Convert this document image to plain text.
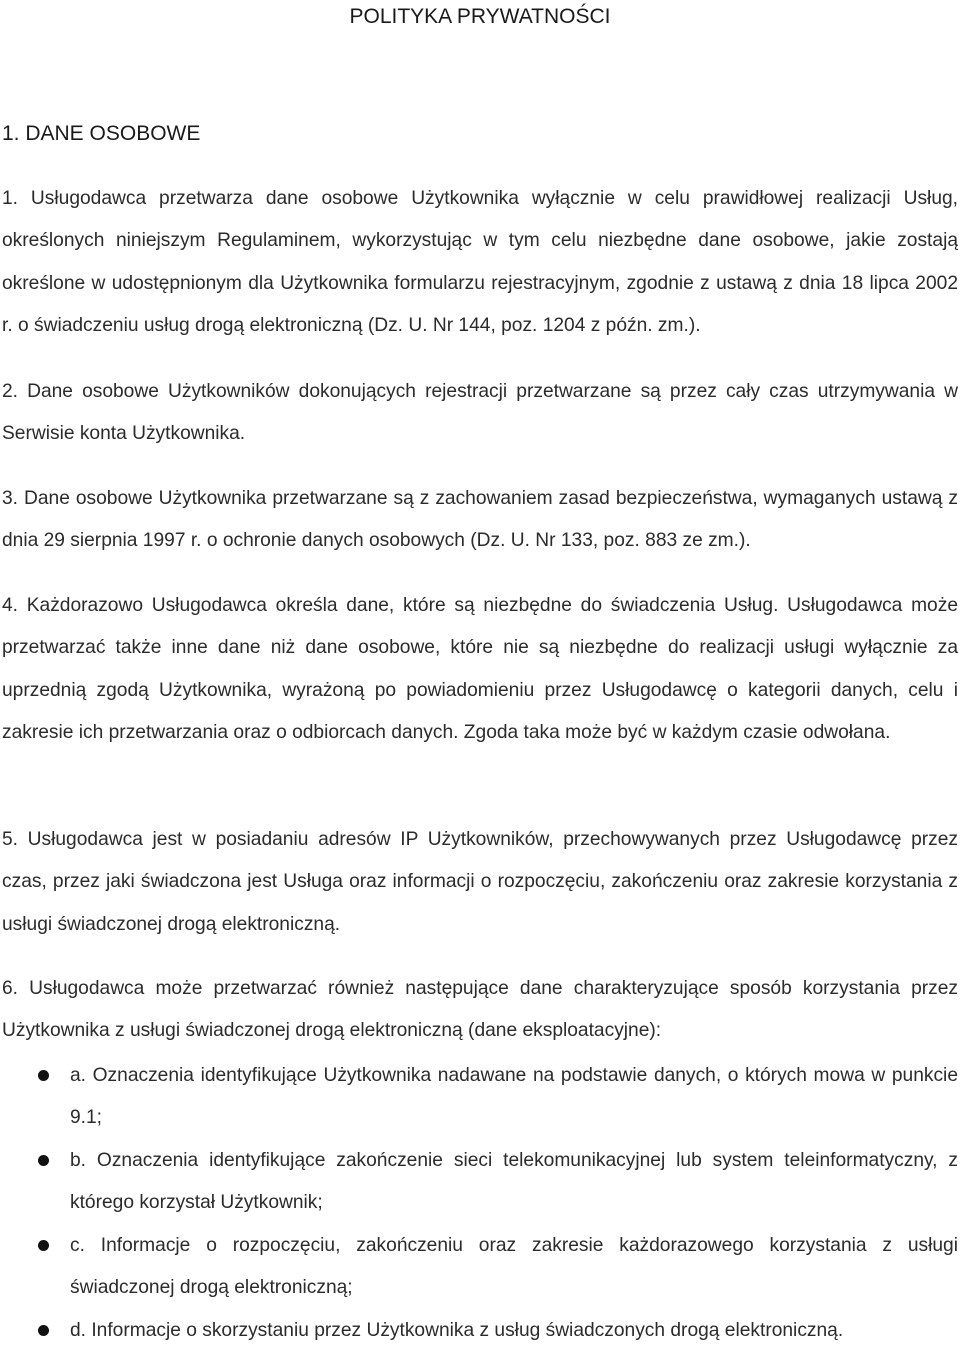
POLITYKA PRYWATNOŚCI
1. DANE OSOBOWE

1. Usługodawca przetwarza dane osobowe Użytkownika wyłącznie w celu prawidłowej realizacji Usług, określonych niniejszym Regulaminem, wykorzystując w tym celu niezbędne dane osobowe, jakie zostają określone w udostępnionym dla Użytkownika formularzu rejestracyjnym, zgodnie z ustawą z dnia 18 lipca 2002 r. o świadczeniu usług drogą elektroniczną (Dz. U. Nr 144, poz. 1204 z późn. zm.).

2. Dane osobowe Użytkowników dokonujących rejestracji przetwarzane są przez cały czas utrzymywania w Serwisie konta Użytkownika.

3. Dane osobowe Użytkownika przetwarzane są z zachowaniem zasad bezpieczeństwa, wymaganych ustawą z dnia 29 sierpnia 1997 r. o ochronie danych osobowych (Dz. U. Nr 133, poz. 883 ze zm.).

4. Każdorazowo Usługodawca określa dane, które są niezbędne do świadczenia Usług. Usługodawca może przetwarzać także inne dane niż dane osobowe, które nie są niezbędne do realizacji usługi wyłącznie za uprzednią zgodą Użytkownika, wyrażoną po powiadomieniu przez Usługodawcę o kategorii danych, celu i zakresie ich przetwarzania oraz o odbiorcach danych. Zgoda taka może być w każdym czasie odwołana.

5. Usługodawca jest w posiadaniu adresów IP Użytkowników, przechowywanych przez Usługodawcę przez czas, przez jaki świadczona jest Usługa oraz informacji o rozpoczęciu, zakończeniu oraz zakresie korzystania z usługi świadczonej drogą elektroniczną.

6. Usługodawca może przetwarzać również następujące dane charakteryzujące sposób korzystania przez Użytkownika z usługi świadczonej drogą elektroniczną (dane eksploatacyjne):

a. Oznaczenia identyfikujące Użytkownika nadawane na podstawie danych, o których mowa w punkcie 9.1;
b. Oznaczenia identyfikujące zakończenie sieci telekomunikacyjnej lub system teleinformatyczny, z którego korzystał Użytkownik;
c. Informacje o rozpoczęciu, zakończeniu oraz zakresie każdorazowego korzystania z usługi świadczonej drogą elektroniczną;
d. Informacje o skorzystaniu przez Użytkownika z usług świadczonych drogą elektroniczną.
